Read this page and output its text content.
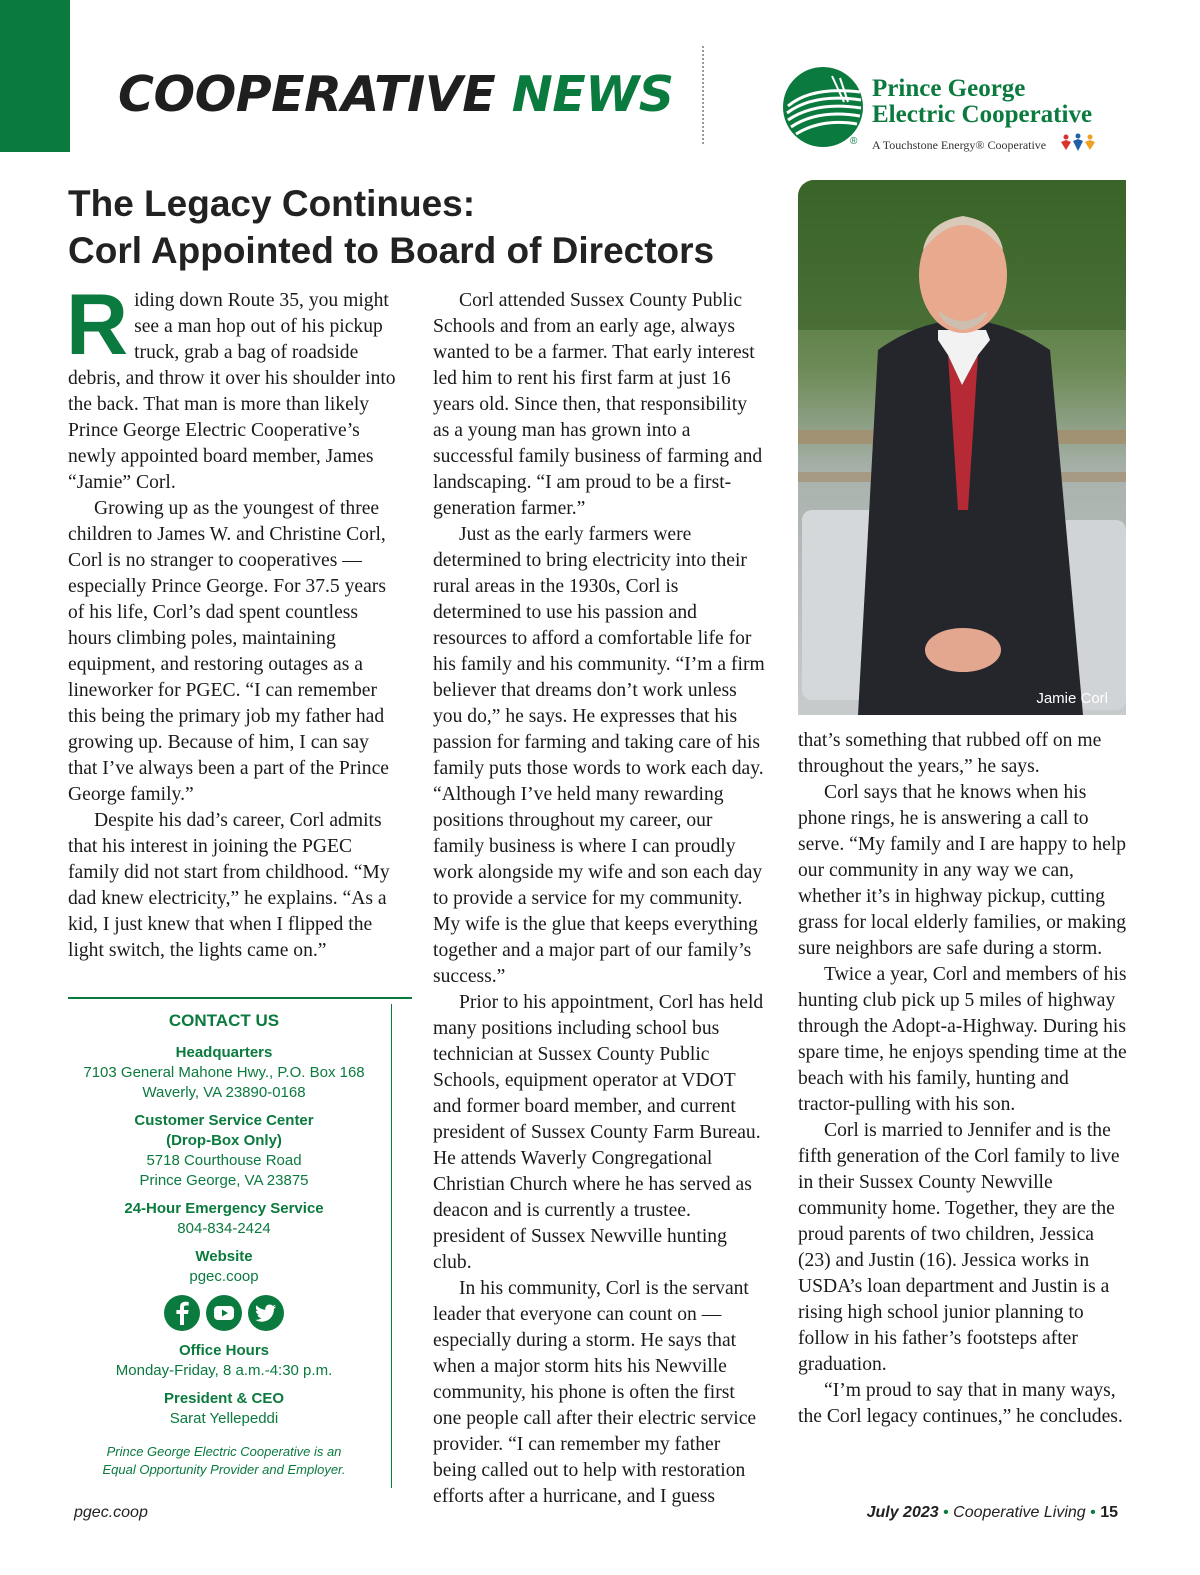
COOPERATIVE NEWS
®
Prince George
Electric Cooperative
A Touchstone Energy® Cooperative
The Legacy Continues:
Corl Appointed to Board of Directors

Riding down Route 35, you might see a man hop out of his pickup truck, grab a bag of roadside debris, and throw it over his shoulder into the back. That man is more than likely Prince George Electric Cooperative’s newly appointed board member, James “Jamie” Corl.

Growing up as the youngest of three children to James W. and Christine Corl, Corl is no stranger to cooperatives — especially Prince George. For 37.5 years of his life, Corl’s dad spent countless hours climbing poles, maintaining equipment, and restoring outages as a lineworker for PGEC. “I can remember this being the primary job my father had growing up. Because of him, I can say that I’ve always been a part of the Prince George family.”

Despite his dad’s career, Corl admits that his interest in joining the PGEC family did not start from childhood. “My dad knew electricity,” he explains. “As a kid, I just knew that when I flipped the light switch, the lights came on.”

Corl attended Sussex County Public Schools and from an early age, always wanted to be a farmer. That early interest led him to rent his first farm at just 16 years old. Since then, that responsibility as a young man has grown into a successful family business of farming and landscaping. “I am proud to be a first-generation farmer.”

Just as the early farmers were determined to bring electricity into their rural areas in the 1930s, Corl is determined to use his passion and resources to afford a comfortable life for his family and his community. “I’m a firm believer that dreams don’t work unless you do,” he says. He expresses that his passion for farming and taking care of his family puts those words to work each day. “Although I’ve held many rewarding positions throughout my career, our family business is where I can proudly work alongside my wife and son each day to provide a service for my community. My wife is the glue that keeps everything together and a major part of our family’s success.”

Prior to his appointment, Corl has held many positions including school bus technician at Sussex County Public Schools, equipment operator at VDOT and former board member, and current president of Sussex County Farm Bureau. He attends Waverly Congregational Christian Church where he has served as deacon and is currently a trustee. president of Sussex Newville hunting club.

In his community, Corl is the servant leader that everyone can count on — especially during a storm. He says that when a major storm hits his Newville community, his phone is often the first one people call after their electric service provider. “I can remember my father being called out to help with restoration efforts after a hurricane, and I guess

Jamie Corl

that’s something that rubbed off on me throughout the years,” he says.

Corl says that he knows when his phone rings, he is answering a call to serve. “My family and I are happy to help our community in any way we can, whether it’s in highway pickup, cutting grass for local elderly families, or making sure neighbors are safe during a storm.

Twice a year, Corl and members of his hunting club pick up 5 miles of highway through the Adopt-a-Highway. During his spare time, he enjoys spending time at the beach with his family, hunting and tractor-pulling with his son.

Corl is married to Jennifer and is the fifth generation of the Corl family to live in their Sussex County Newville community home. Together, they are the proud parents of two children, Jessica (23) and Justin (16). Jessica works in USDA’s loan department and Justin is a rising high school junior planning to follow in his father’s footsteps after graduation.

“I’m proud to say that in many ways, the Corl legacy continues,” he concludes.

CONTACT US
Headquarters
7103 General Mahone Hwy., P.O. Box 168
Waverly, VA 23890-0168
Customer Service Center
(Drop-Box Only)
5718 Courthouse Road
Prince George, VA 23875
24-Hour Emergency Service
804-834-2424
Website
pgec.coop
Office Hours
Monday-Friday, 8 a.m.-4:30 p.m.
President & CEO
Sarat Yellepeddi
Prince George Electric Cooperative is an
Equal Opportunity Provider and Employer.
pgec.coop	July 2023 • Cooperative Living • 15
